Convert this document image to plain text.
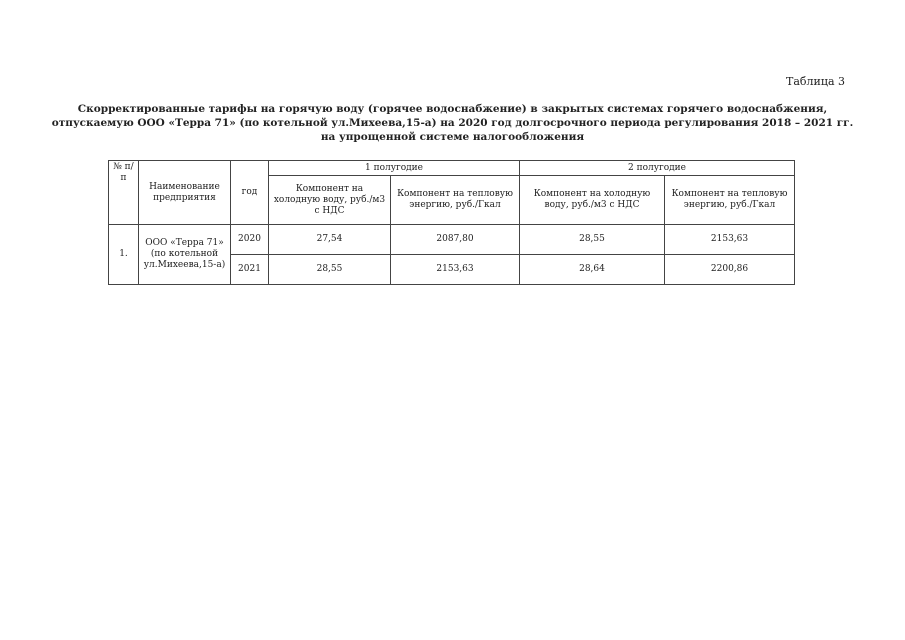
Таблица 3
Скорректированные тарифы на горячую воду (горячее водоснабжение) в закрытых системах горячего водоснабжения,
отпускаемую ООО «Терра 71» (по котельной ул.Михеева,15-а) на 2020 год долгосрочного периода регулирования 2018 – 2021 гг.
на упрощенной системе налогообложения
№ п/п	Наименование предприятия	год	1 полугодие		2 полугодие	
			Компонент на холодную воду, руб./м3 с НДС	Компонент на тепловую энергию, руб./Гкал	Компонент на холодную воду, руб./м3 с НДС	Компонент на тепловую энергию, руб./Гкал
1.	ООО «Терра 71» (по котельной ул.Михеева,15-а)	2020	27,54	2087,80	28,55	2153,63
		2021	28,55	2153,63	28,64	2200,86
